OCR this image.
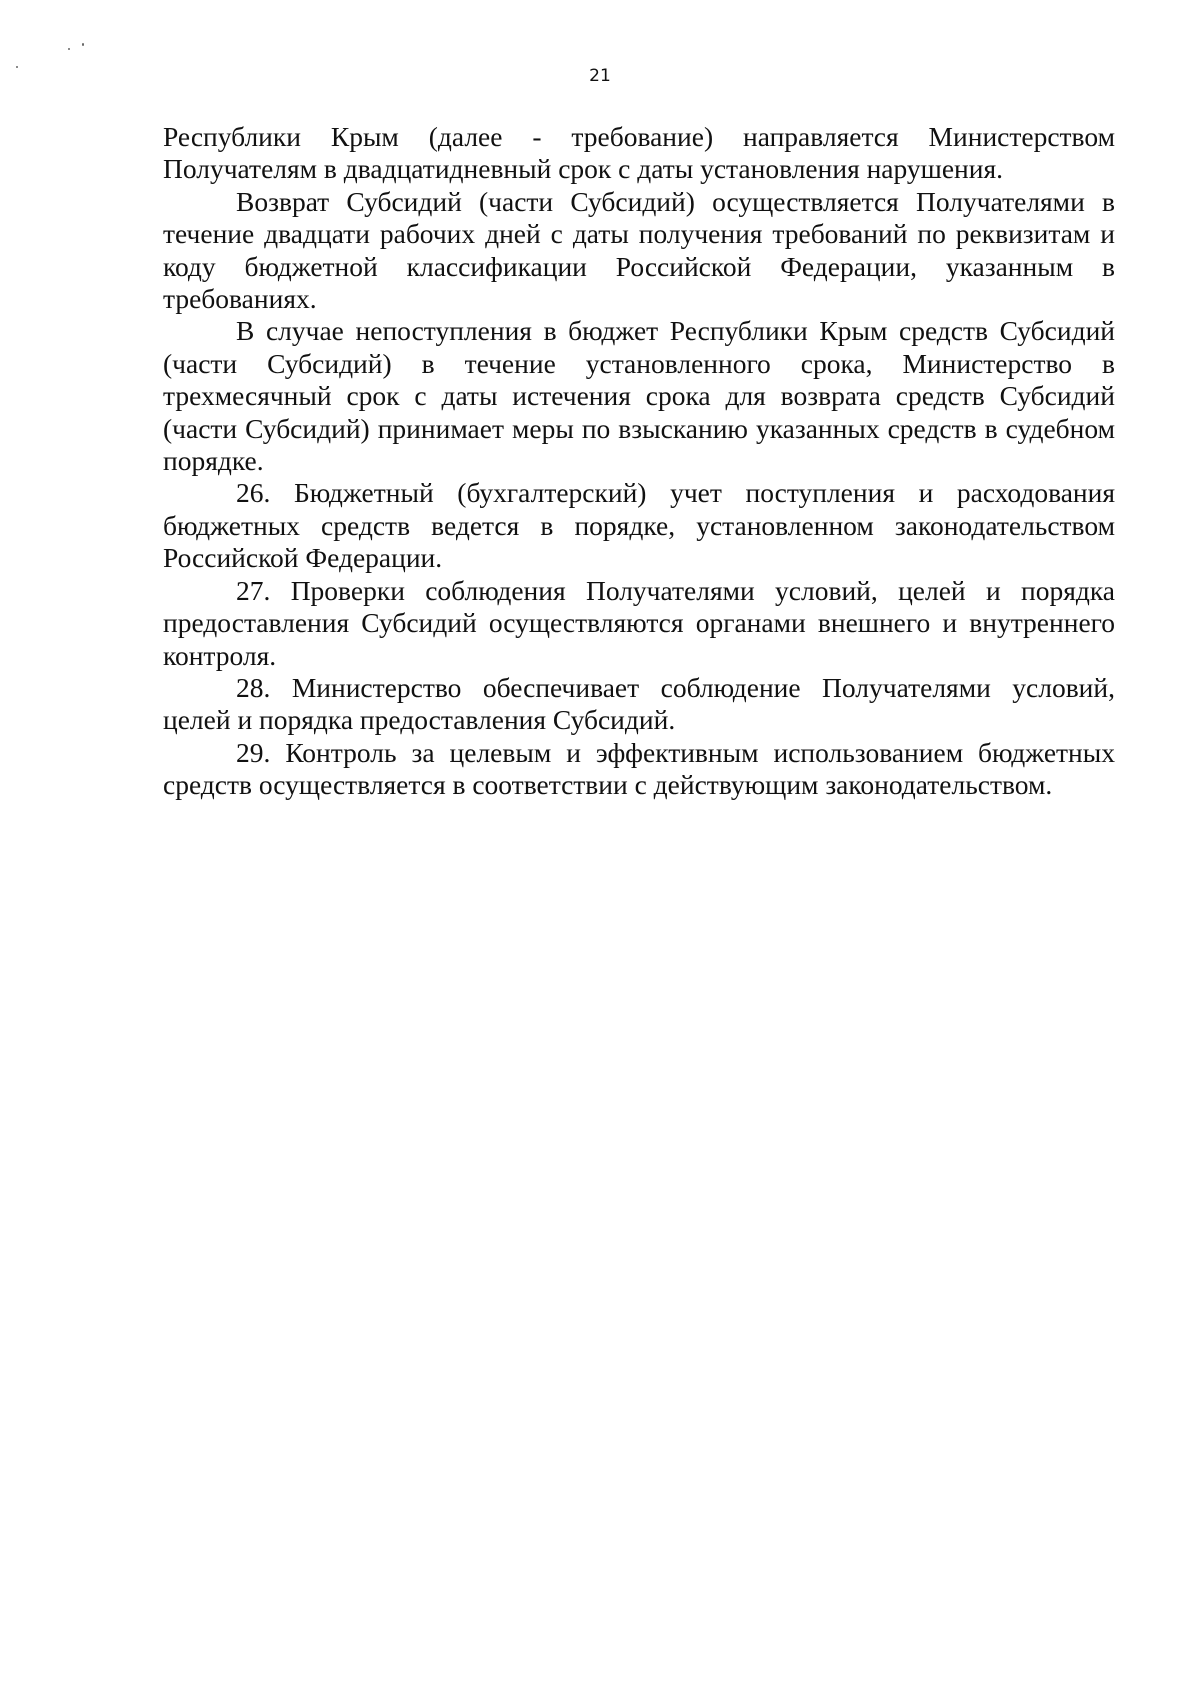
21

Республики Крым (далее - требование) направляется Министерством Получателям в двадцатидневный срок с даты установления нарушения.

Возврат Субсидий (части Субсидий) осуществляется Получателями в течение двадцати рабочих дней с даты получения требований по реквизитам и коду бюджетной классификации Российской Федерации, указанным в требованиях.

В случае непоступления в бюджет Республики Крым средств Субсидий (части Субсидий) в течение установленного срока, Министерство в трехмесячный срок с даты истечения срока для возврата средств Субсидий (части Субсидий) принимает меры по взысканию указанных средств в судебном порядке.

26. Бюджетный (бухгалтерский) учет поступления и расходования бюджетных средств ведется в порядке, установленном законодательством Российской Федерации.

27. Проверки соблюдения Получателями условий, целей и порядка предоставления Субсидий осуществляются органами внешнего и внутреннего контроля.

28. Министерство обеспечивает соблюдение Получателями условий, целей и порядка предоставления Субсидий.

29. Контроль за целевым и эффективным использованием бюджетных средств осуществляется в соответствии с действующим законодательством.
